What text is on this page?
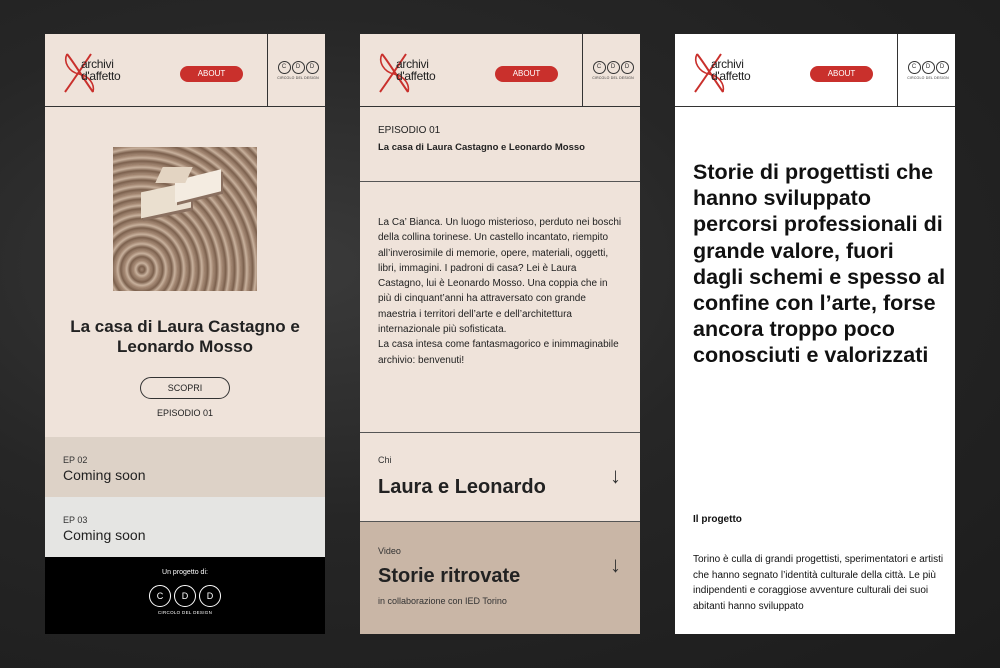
archivi
d'affetto	ABOUT
C	D	D
CIRCOLO DEL DESIGN
La casa di Laura Castagno e Leonardo Mosso
SCOPRI
EPISODIO 01
EP 02
Coming soon
EP 03
Coming soon
Un progetto di:
C	D	D
CIRCOLO DEL DESIGN
archivi
d'affetto	ABOUT
C	D	D
CIRCOLO DEL DESIGN
EPISODIO 01
La casa di Laura Castagno e Leonardo Mosso
La Ca’ Bianca. Un luogo misterioso, perduto nei boschi della collina torinese. Un castello incantato, riempito all’inverosimile di memorie, opere, materiali, oggetti, libri, immagini. I padroni di casa? Lei è Laura Castagno, lui è Leonardo Mosso. Una coppia che in più di cinquant’anni ha attraversato con grande maestria i territori dell’arte e dell’architettura internazionale più sofisticata.
La casa intesa come fantasmagorico e inimmaginabile archivio: benvenuti!
Chi
Laura e Leonardo	↓
Video
Storie ritrovate
in collaborazione con IED Torino
↓
archivi
d'affetto	ABOUT
C	D	D
CIRCOLO DEL DESIGN
Storie di progettisti che hanno sviluppato percorsi professionali di grande valore, fuori dagli schemi e spesso al confine con l’arte, forse ancora troppo poco conosciuti e valorizzati
Il progetto
Torino è culla di grandi progettisti, sperimentatori e artisti che hanno segnato l’identità culturale della città. Le più indipendenti e coraggiose avventure culturali dei suoi abitanti hanno sviluppato
